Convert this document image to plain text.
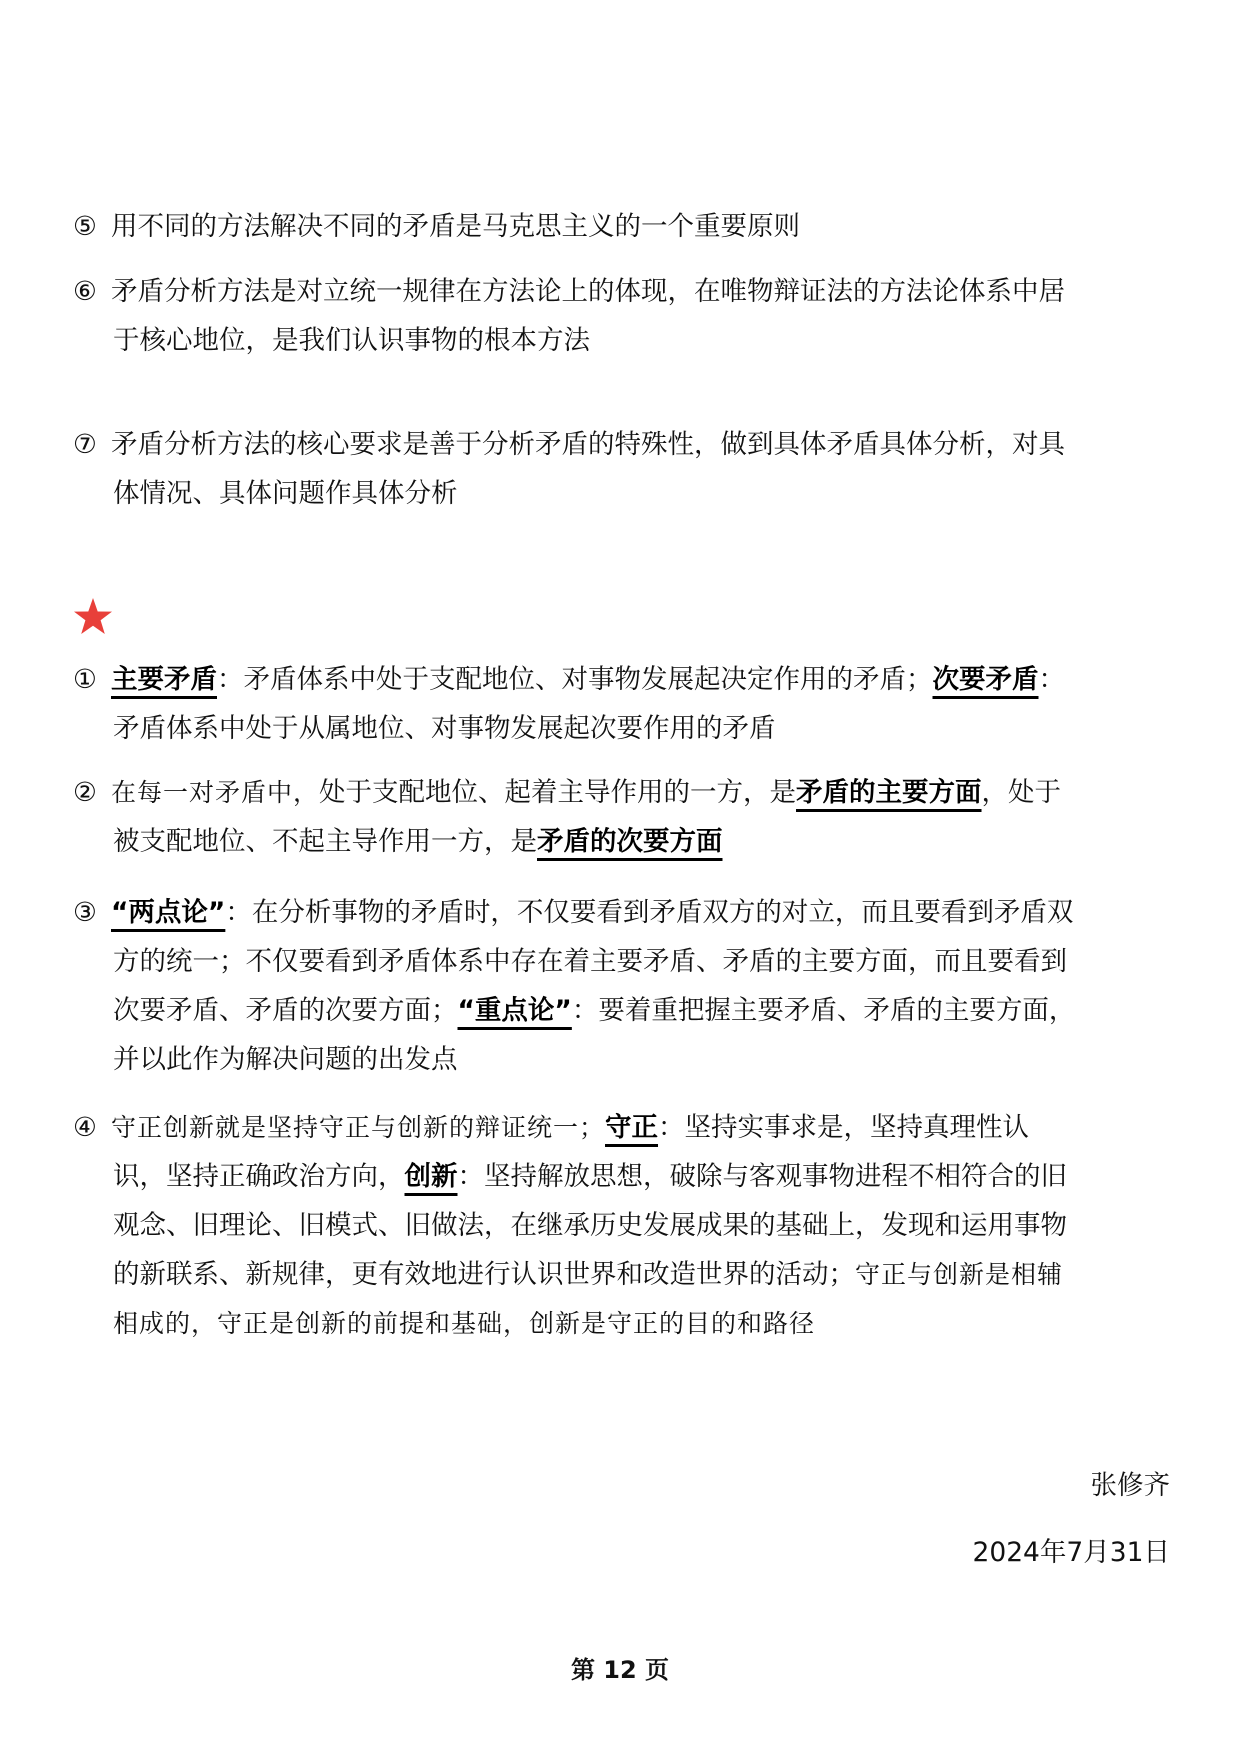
⑤ 用不同的方法解决不同的矛盾是马克思主义的一个重要原则
⑥ 矛盾分析方法是对立统一规律在方法论上的体现，在唯物辩证法的方法论体系中居
于核心地位，是我们认识事物的根本方法
⑦ 矛盾分析方法的核心要求是善于分析矛盾的特殊性，做到具体矛盾具体分析，对具
体情况、具体问题作具体分析
① 主要矛盾：矛盾体系中处于支配地位、对事物发展起决定作用的矛盾；次要矛盾：
矛盾体系中处于从属地位、对事物发展起次要作用的矛盾
② 在每一对矛盾中，处于支配地位、起着主导作用的一方，是矛盾的主要方面，处于
被支配地位、不起主导作用一方，是矛盾的次要方面
③ “两点论”：在分析事物的矛盾时，不仅要看到矛盾双方的对立，而且要看到矛盾双
方的统一；不仅要看到矛盾体系中存在着主要矛盾、矛盾的主要方面，而且要看到
次要矛盾、矛盾的次要方面；“重点论”：要着重把握主要矛盾、矛盾的主要方面，
并以此作为解决问题的出发点
④ 守正创新就是坚持守正与创新的辩证统一；守正：坚持实事求是，坚持真理性认
识，坚持正确政治方向，创新：坚持解放思想，破除与客观事物进程不相符合的旧
观念、旧理论、旧模式、旧做法，在继承历史发展成果的基础上，发现和运用事物
的新联系、新规律，更有效地进行认识世界和改造世界的活动；守正与创新是相辅
相成的，守正是创新的前提和基础，创新是守正的目的和路径
张修齐
2024年7月31日
第 12 页
